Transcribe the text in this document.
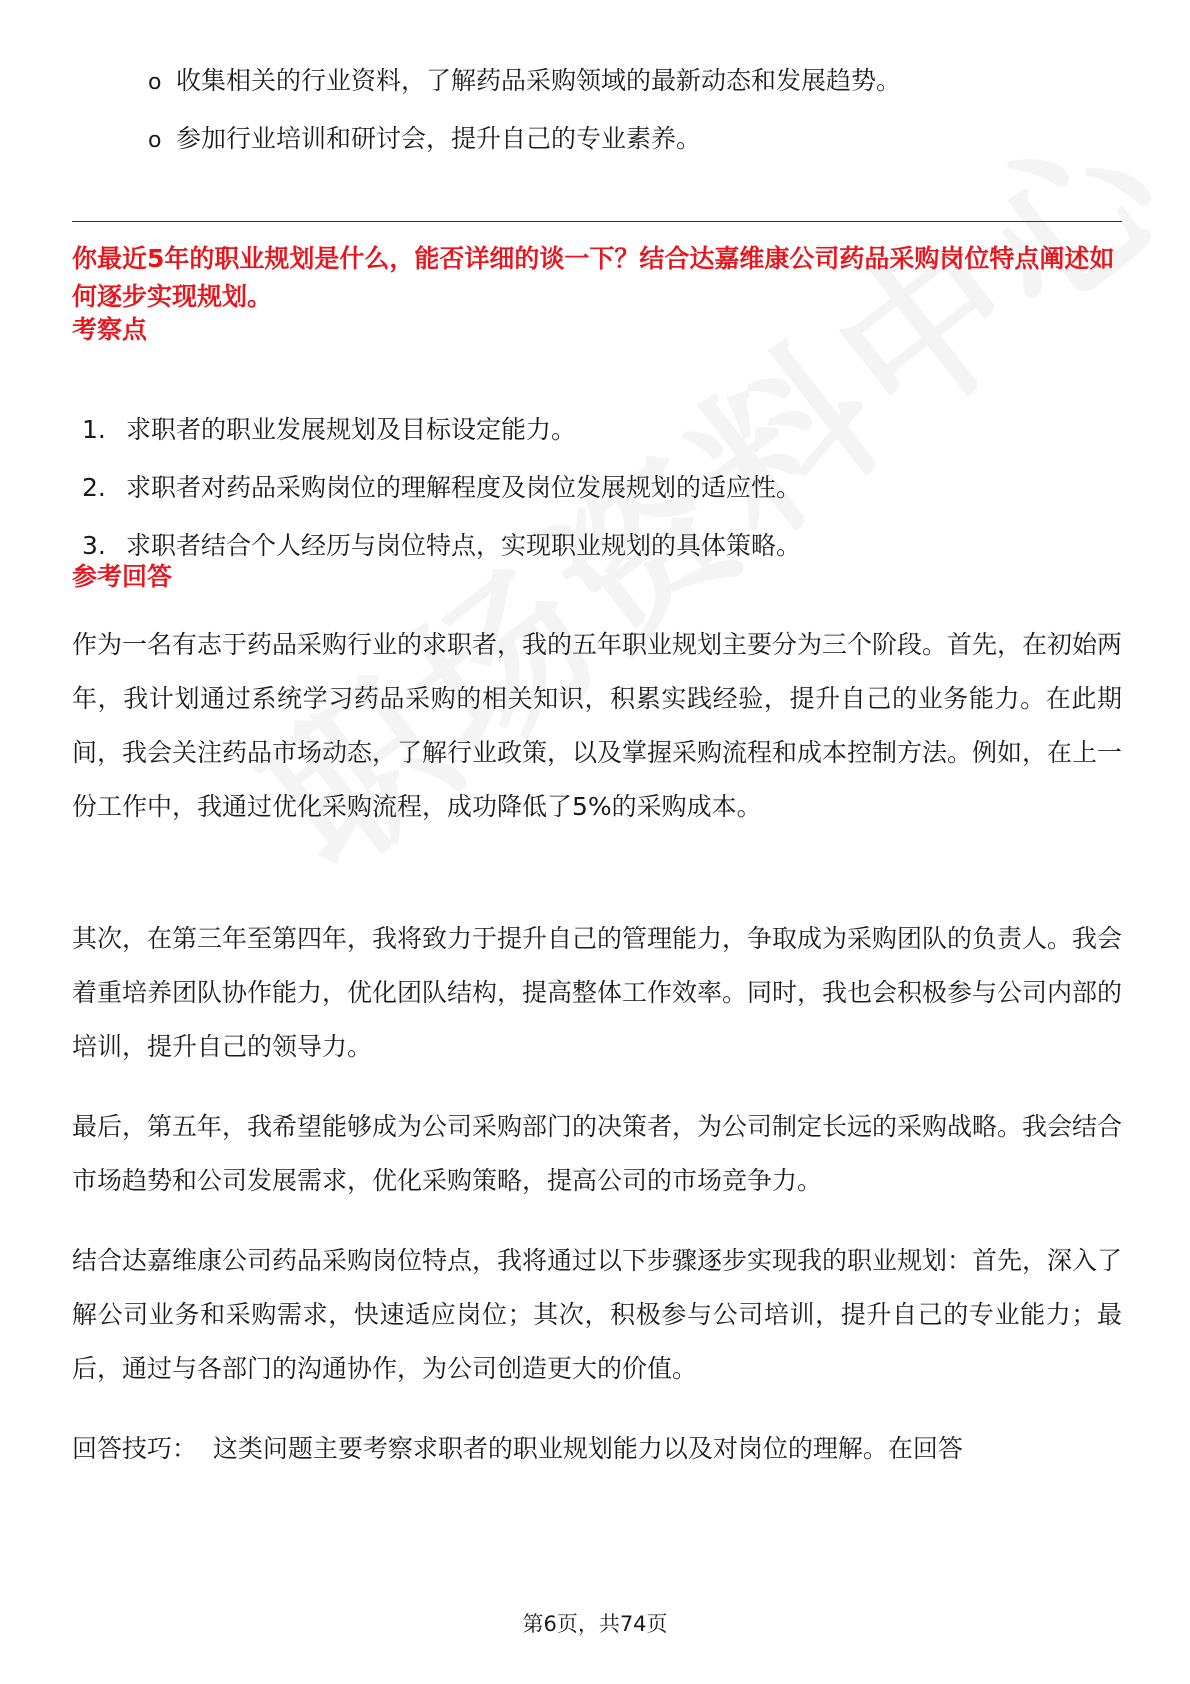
o 收集相关的行业资料，了解药品采购领域的最新动态和发展趋势。
o 参加行业培训和研讨会，提升自己的专业素养。

你最近5年的职业规划是什么，能否详细的谈一下？结合达嘉维康公司药品采购岗位特点阐述如何逐步实现规划。

考察点
1. 求职者的职业发展规划及目标设定能力。
2. 求职者对药品采购岗位的理解程度及岗位发展规划的适应性。
3. 求职者结合个人经历与岗位特点，实现职业规划的具体策略。
参考回答

作为一名有志于药品采购行业的求职者，我的五年职业规划主要分为三个阶段。首先，在初始两年，我计划通过系统学习药品采购的相关知识，积累实践经验，提升自己的业务能力。在此期间，我会关注药品市场动态，了解行业政策，以及掌握采购流程和成本控制方法。例如，在上一份工作中，我通过优化采购流程，成功降低了5%的采购成本。

其次，在第三年至第四年，我将致力于提升自己的管理能力，争取成为采购团队的负责人。我会着重培养团队协作能力，优化团队结构，提高整体工作效率。同时，我也会积极参与公司内部的培训，提升自己的领导力。

最后，第五年，我希望能够成为公司采购部门的决策者，为公司制定长远的采购战略。我会结合市场趋势和公司发展需求，优化采购策略，提高公司的市场竞争力。

结合达嘉维康公司药品采购岗位特点，我将通过以下步骤逐步实现我的职业规划：首先，深入了解公司业务和采购需求，快速适应岗位；其次，积极参与公司培训，提升自己的专业能力；最后，通过与各部门的沟通协作，为公司创造更大的价值。

回答技巧：  这类问题主要考察求职者的职业规划能力以及对岗位的理解。在回答

第6页，共74页
